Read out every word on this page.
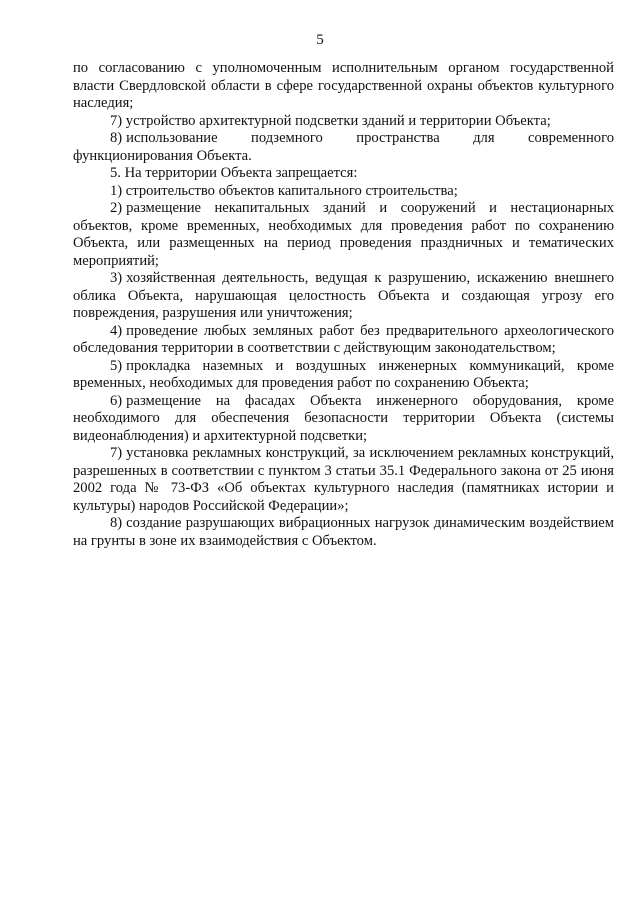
5

по согласованию с уполномоченным исполнительным органом государственной власти Свердловской области в сфере государственной охраны объектов культурного наследия;

7) устройство архитектурной подсветки зданий и территории Объекта;

8) использование подземного пространства для современного функционирования Объекта.

5. На территории Объекта запрещается:

1) строительство объектов капитального строительства;

2) размещение некапитальных зданий и сооружений и нестационарных объектов, кроме временных, необходимых для проведения работ по сохранению Объекта, или размещенных на период проведения праздничных и тематических мероприятий;

3) хозяйственная деятельность, ведущая к разрушению, искажению внешнего облика Объекта, нарушающая целостность Объекта и создающая угрозу его повреждения, разрушения или уничтожения;

4) проведение любых земляных работ без предварительного археологического обследования территории в соответствии с действующим законодательством;

5) прокладка наземных и воздушных инженерных коммуникаций, кроме временных, необходимых для проведения работ по сохранению Объекта;

6) размещение на фасадах Объекта инженерного оборудования, кроме необходимого для обеспечения безопасности территории Объекта (системы видеонаблюдения) и архитектурной подсветки;

7) установка рекламных конструкций, за исключением рекламных конструкций, разрешенных в соответствии с пунктом 3 статьи 35.1 Федерального закона от 25 июня 2002 года № 73-ФЗ «Об объектах культурного наследия (памятниках истории и культуры) народов Российской Федерации»;

8) создание разрушающих вибрационных нагрузок динамическим воздействием на грунты в зоне их взаимодействия с Объектом.
